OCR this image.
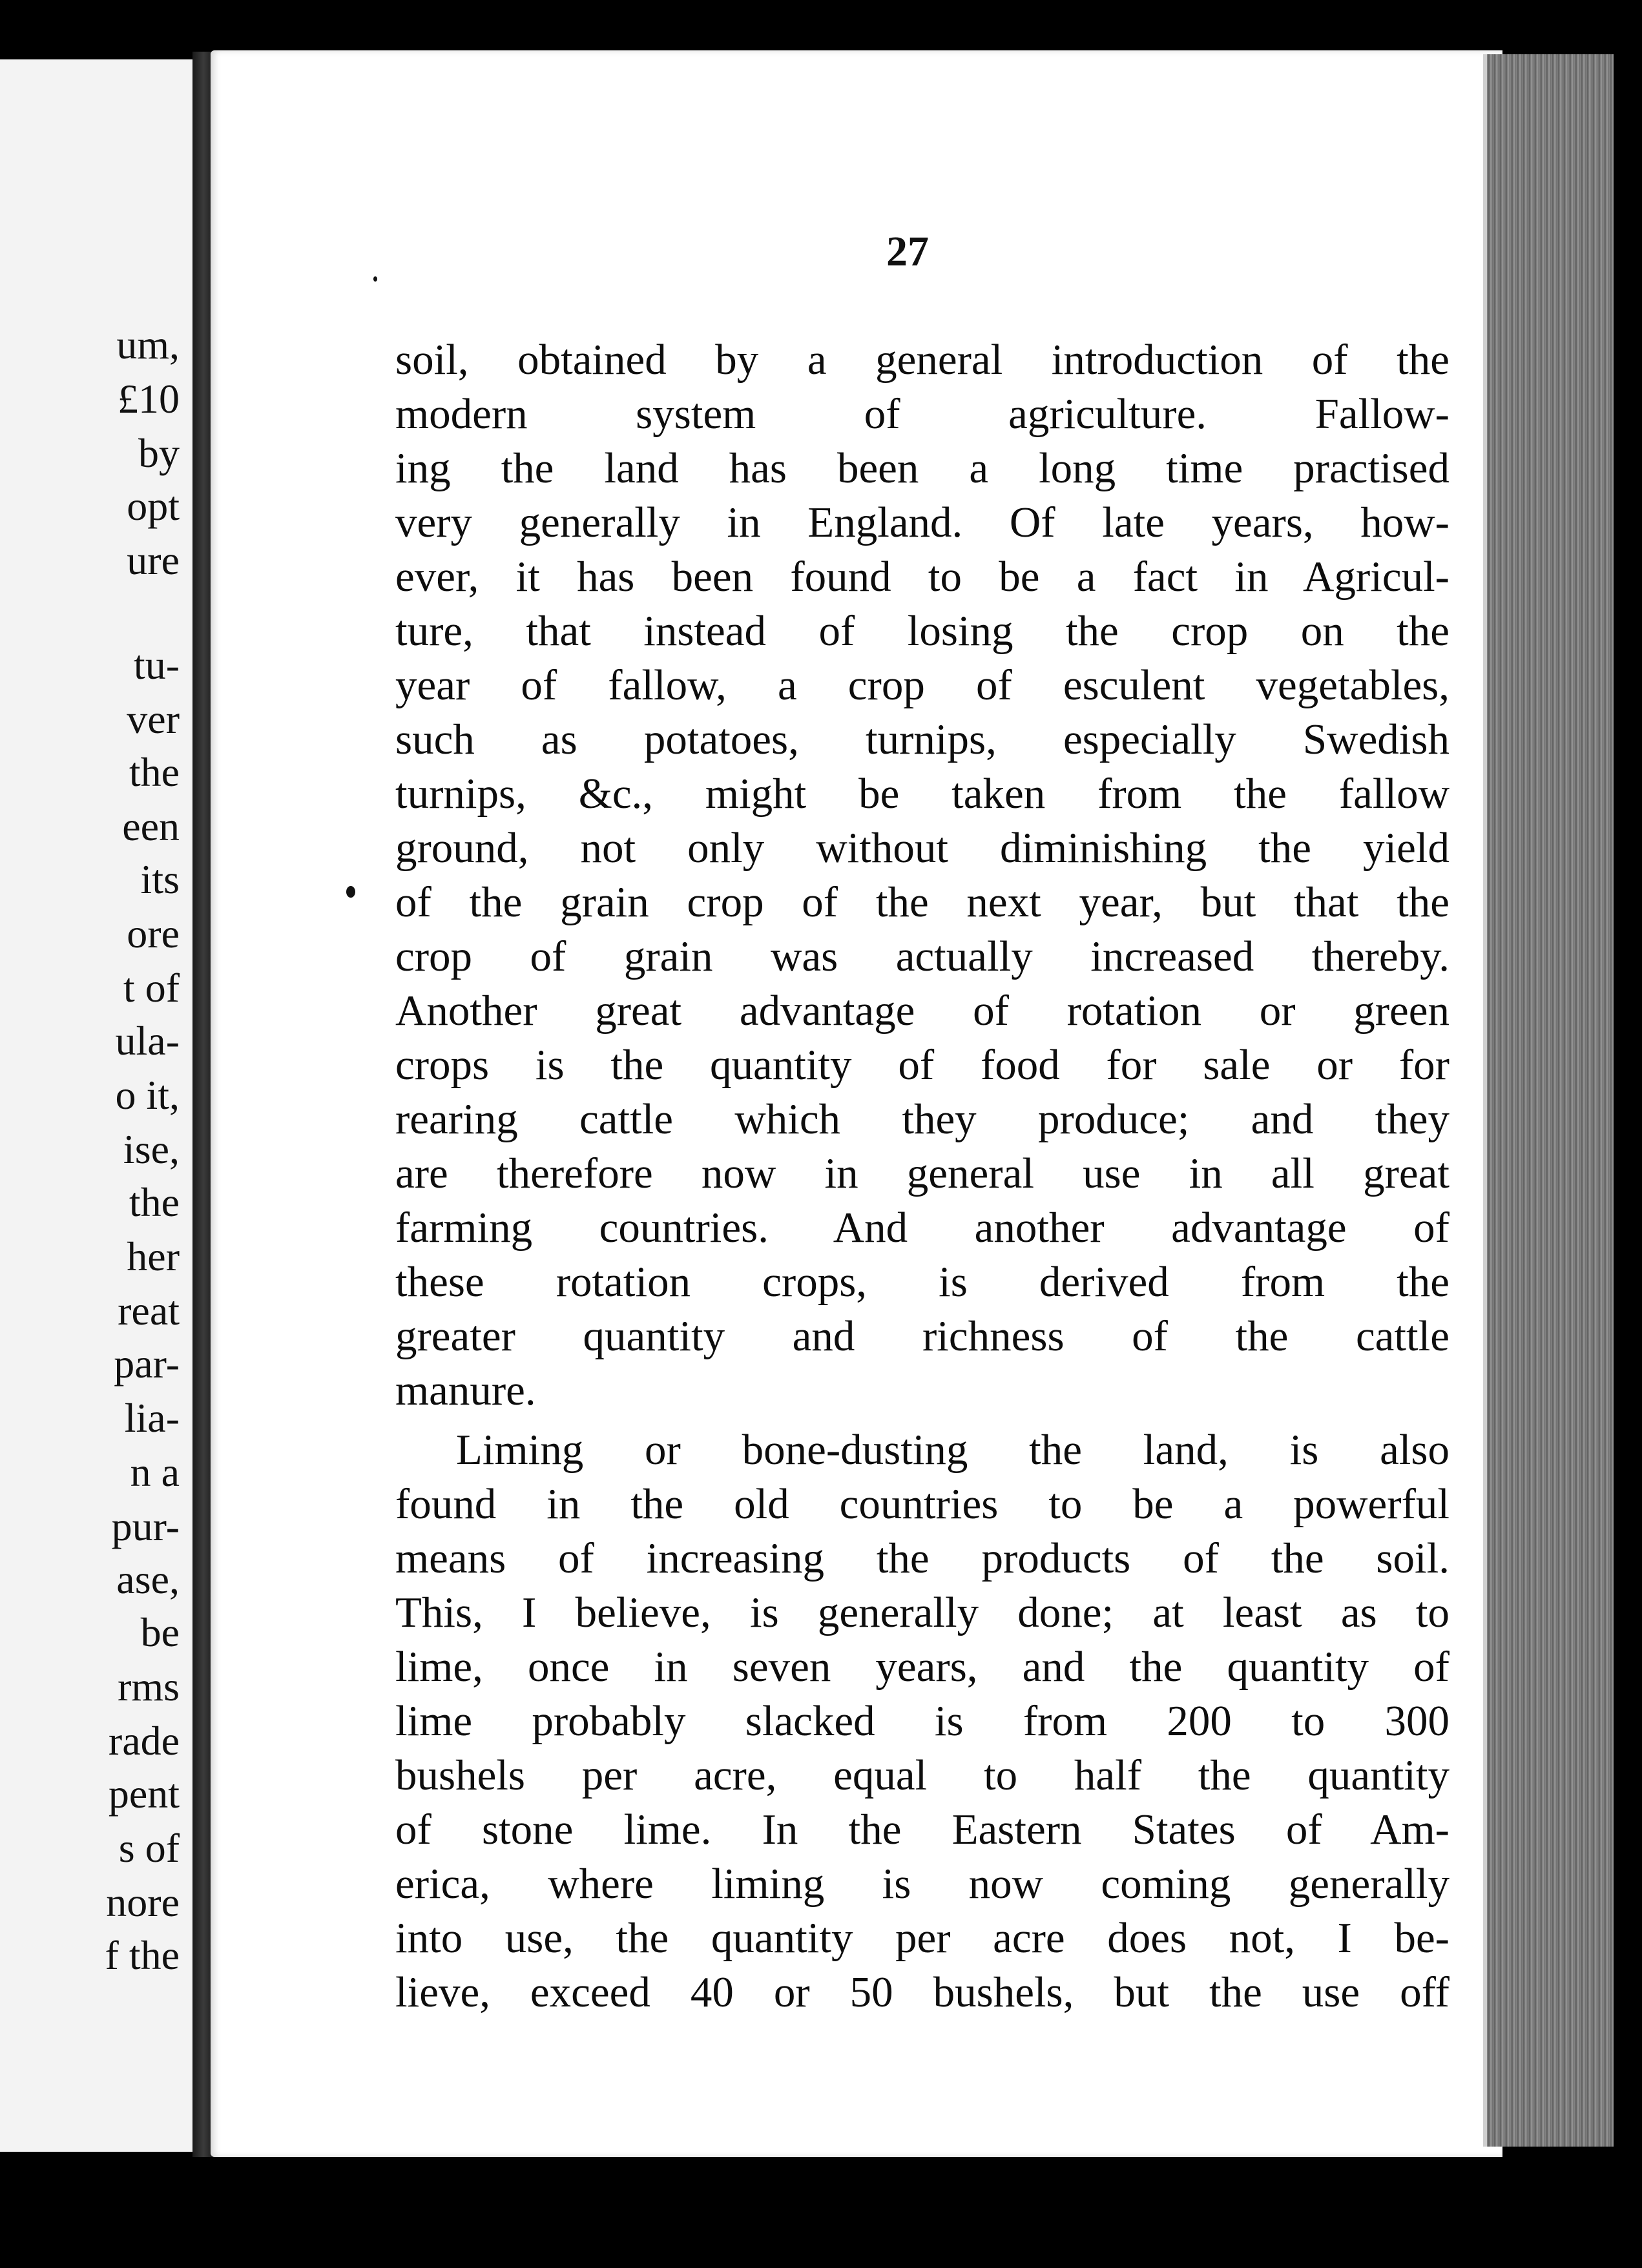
um,
£10
by
opt
ure
tu-
ver
the
een
its
ore
t of
ula-
o it,
ise,
the
her
reat
par-
lia-
n a
pur-
ase,
be
rms
rade
pent
s of
nore
f the
27
soil, obtained by a general introduction of the
modern system of agriculture. Fallow-
ing the land has been a long time practised
very generally in England. Of late years, how-
ever, it has been found to be a fact in Agricul-
ture, that instead of losing the crop on the
year of fallow, a crop of esculent vegetables,
such as potatoes, turnips, especially Swedish
turnips, &c., might be taken from the fallow
ground, not only without diminishing the yield
of the grain crop of the next year, but that the
crop of grain was actually increased thereby.
Another great advantage of rotation or green
crops is the quantity of food for sale or for
rearing cattle which they produce; and they
are therefore now in general use in all great
farming countries. And another advantage of
these rotation crops, is derived from the
greater quantity and richness of the cattle
manure.
Liming or bone-dusting the land, is also
found in the old countries to be a powerful
means of increasing the products of the soil.
This, I believe, is generally done; at least as to
lime, once in seven years, and the quantity of
lime probably slacked is from 200 to 300
bushels per acre, equal to half the quantity
of stone lime. In the Eastern States of Am-
erica, where liming is now coming generally
into use, the quantity per acre does not, I be-
lieve, exceed 40 or 50 bushels, but the use off
